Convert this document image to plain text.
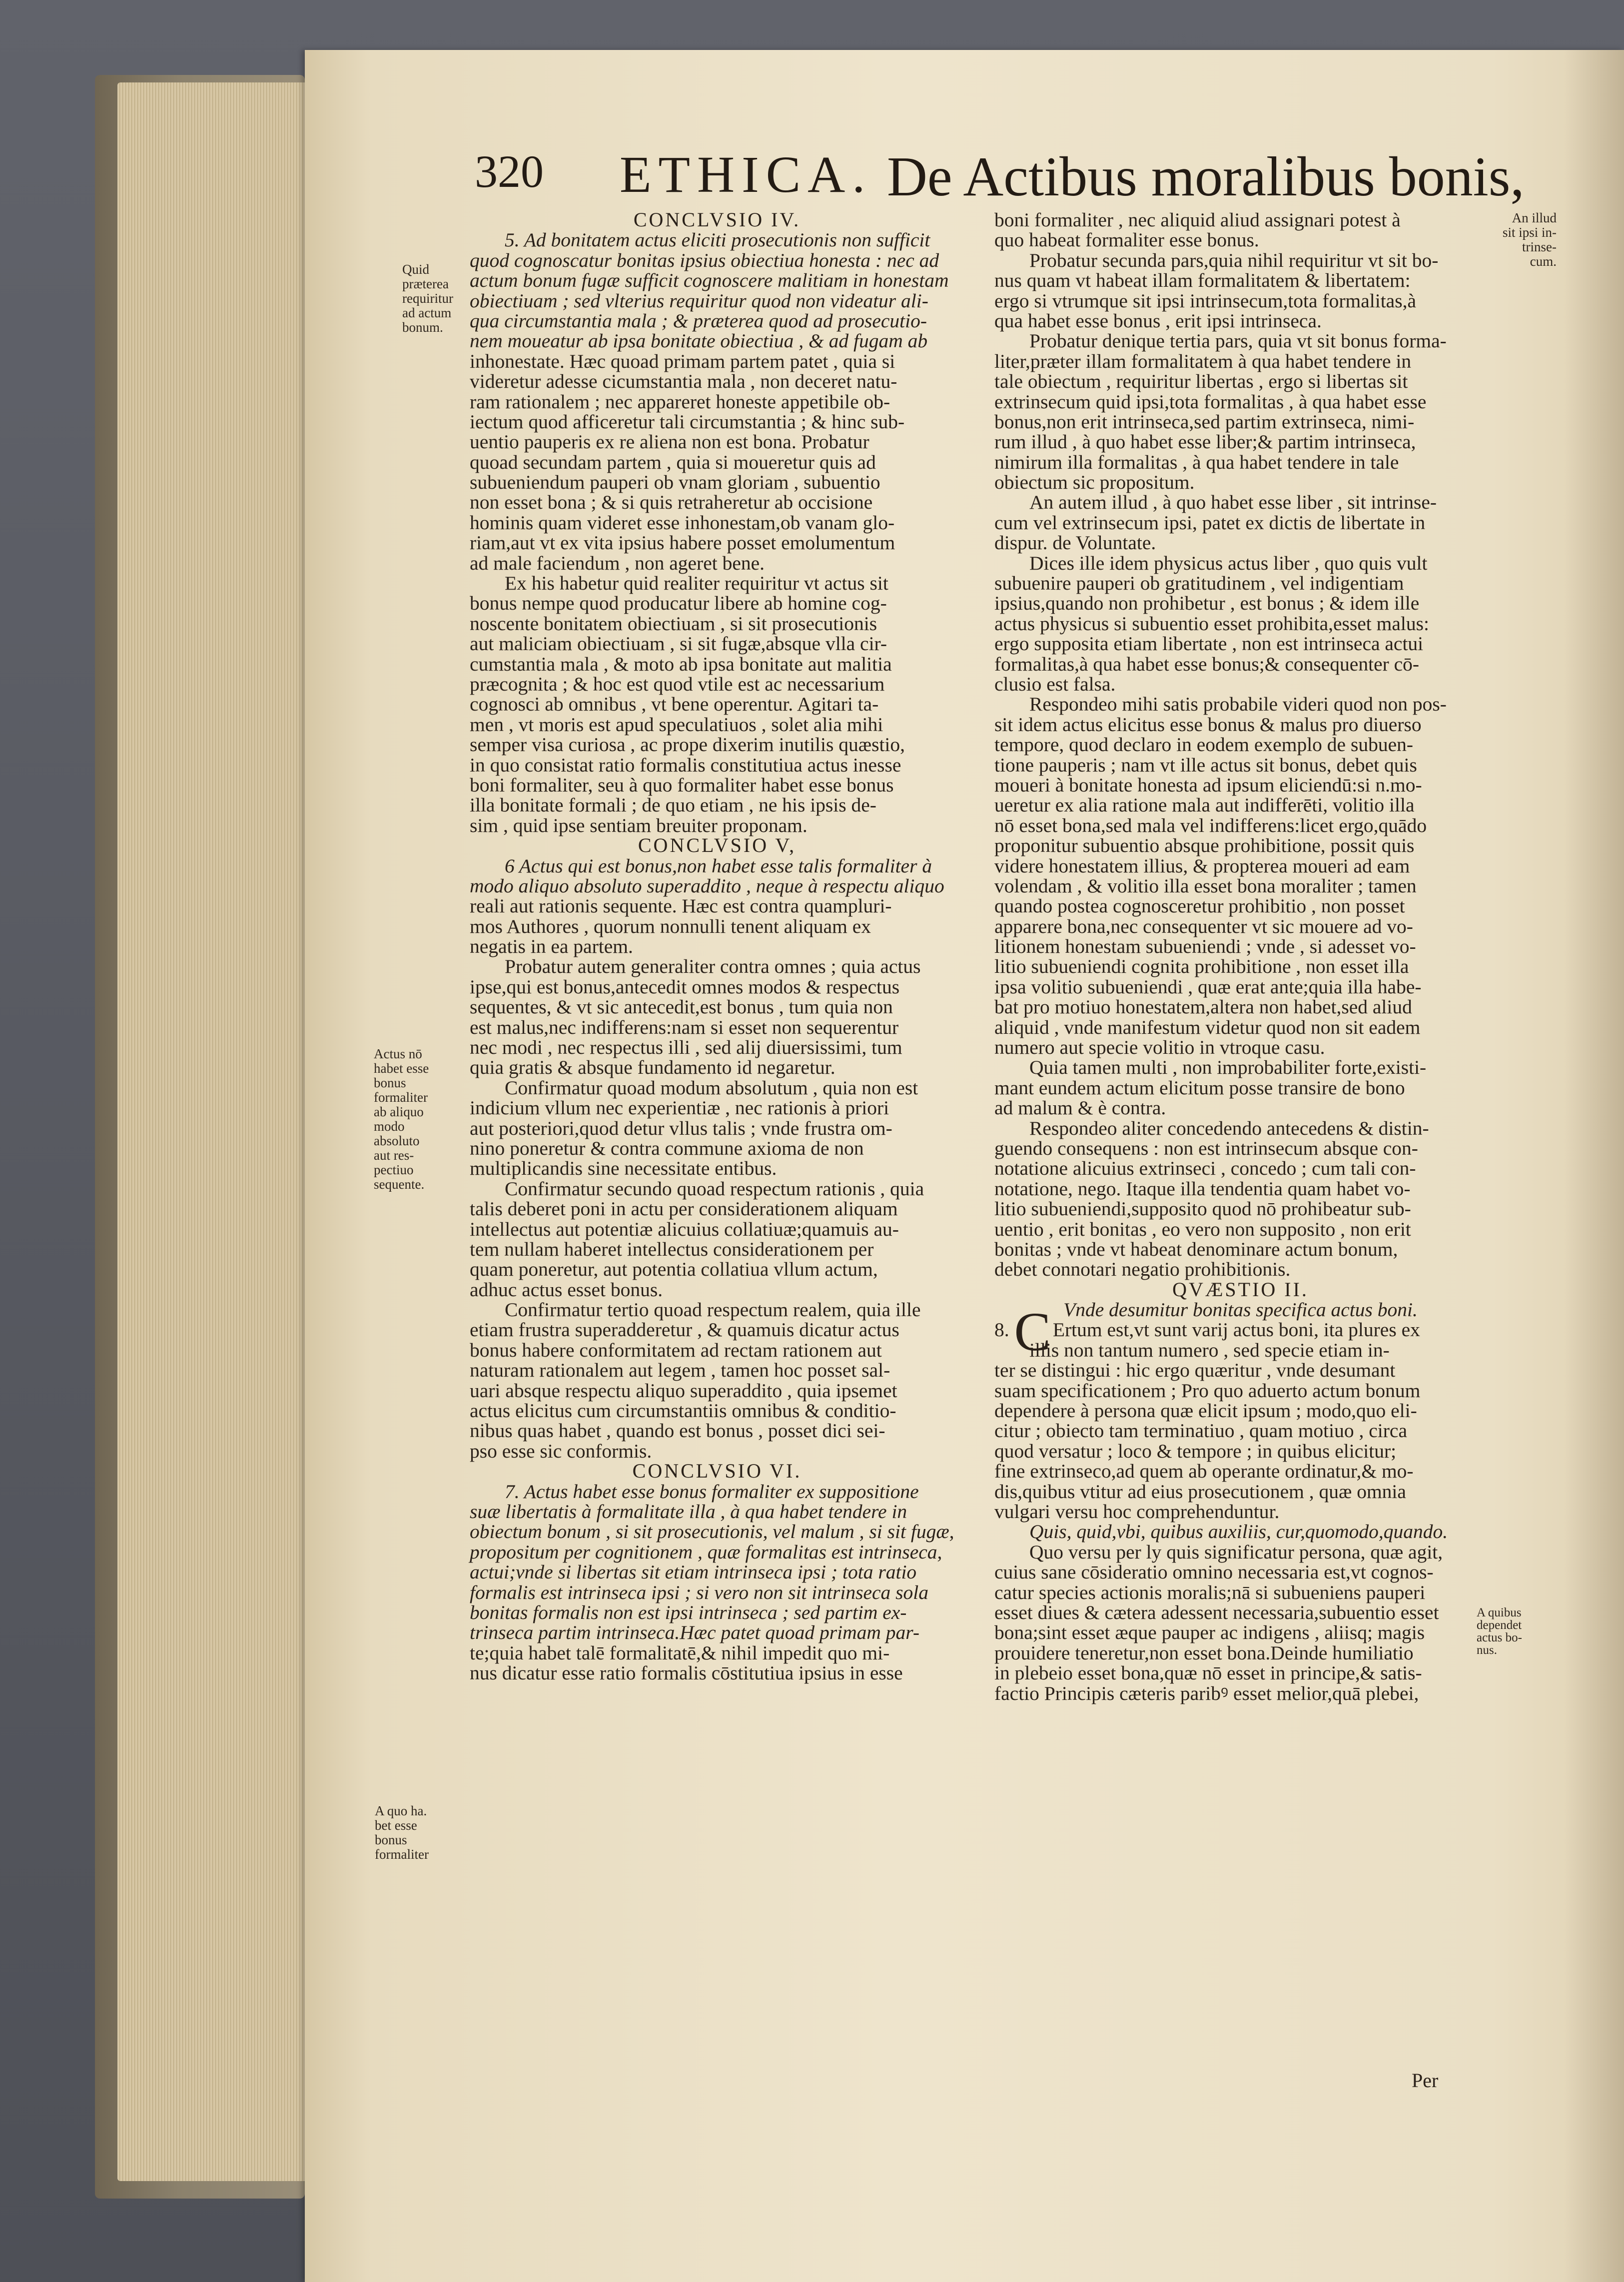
320 ETHICA. De Actibus moralibus bonis,
CONCLVSIO IV.
5. Ad bonitatem actus eliciti prosecutionis non sufficit
quod cognoscatur bonitas ipsius obiectiua honesta : nec ad
actum bonum fugæ sufficit cognoscere malitiam in honestam
obiectiuam ; sed vlterius requiritur quod non videatur ali-
qua circumstantia mala ; & præterea quod ad prosecutio-
nem moueatur ab ipsa bonitate obiectiua , & ad fugam ab
inhonestate. Hæc quoad primam partem patet , quia si
videretur adesse cicumstantia mala , non deceret natu-
ram rationalem ; nec appareret honeste appetibile ob-
iectum quod afficeretur tali circumstantia ; & hinc sub-
uentio pauperis ex re aliena non est bona. Probatur
quoad secundam partem , quia si moueretur quis ad
subueniendum pauperi ob vnam gloriam , subuentio
non esset bona ; & si quis retraheretur ab occisione
hominis quam videret esse inhonestam,ob vanam glo-
riam,aut vt ex vita ipsius habere posset emolumentum
ad male faciendum , non ageret bene.
Ex his habetur quid realiter requiritur vt actus sit
bonus nempe quod producatur libere ab homine cog-
noscente bonitatem obiectiuam , si sit prosecutionis
aut maliciam obiectiuam , si sit fugæ,absque vlla cir-
cumstantia mala , & moto ab ipsa bonitate aut malitia
præcognita ; & hoc est quod vtile est ac necessarium
cognosci ab omnibus , vt bene operentur. Agitari ta-
men , vt moris est apud speculatiuos , solet alia mihi
semper visa curiosa , ac prope dixerim inutilis quæstio,
in quo consistat ratio formalis constitutiua actus inesse
boni formaliter, seu à quo formaliter habet esse bonus
illa bonitate formali ; de quo etiam , ne his ipsis de-
sim , quid ipse sentiam breuiter proponam.
CONCLVSIO V,
6 Actus qui est bonus,non habet esse talis formaliter à
modo aliquo absoluto superaddito , neque à respectu aliquo
reali aut rationis sequente. Hæc est contra quampluri-
mos Authores , quorum nonnulli tenent aliquam ex
negatis in ea partem.
Probatur autem generaliter contra omnes ; quia actus
ipse,qui est bonus,antecedit omnes modos & respectus
sequentes, & vt sic antecedit,est bonus , tum quia non
est malus,nec indifferens:nam si esset non sequerentur
nec modi , nec respectus illi , sed alij diuersissimi, tum
quia gratis & absque fundamento id negaretur.
Confirmatur quoad modum absolutum , quia non est
indicium vllum nec experientiæ , nec rationis à priori
aut posteriori,quod detur vllus talis ; vnde frustra om-
nino poneretur & contra commune axioma de non
multiplicandis sine necessitate entibus.
Confirmatur secundo quoad respectum rationis , quia
talis deberet poni in actu per considerationem aliquam
intellectus aut potentiæ alicuius collatiuæ;quamuis au-
tem nullam haberet intellectus considerationem per
quam poneretur, aut potentia collatiua vllum actum,
adhuc actus esset bonus.
Confirmatur tertio quoad respectum realem, quia ille
etiam frustra superadderetur , & quamuis dicatur actus
bonus habere conformitatem ad rectam rationem aut
naturam rationalem aut legem , tamen hoc posset sal-
uari absque respectu aliquo superaddito , quia ipsemet
actus elicitus cum circumstantiis omnibus & conditio-
nibus quas habet , quando est bonus , posset dici sei-
pso esse sic conformis.
CONCLVSIO VI.
7. Actus habet esse bonus formaliter ex suppositione
suæ libertatis à formalitate illa , à qua habet tendere in
obiectum bonum , si sit prosecutionis, vel malum , si sit fugæ,
propositum per cognitionem , quæ formalitas est intrinseca,
actui;vnde si libertas sit etiam intrinseca ipsi ; tota ratio
formalis est intrinseca ipsi ; si vero non sit intrinseca sola
bonitas formalis non est ipsi intrinseca ; sed partim ex-
trinseca partim intrinseca.Hæc patet quoad primam par-
te;quia habet talē formalitatē,& nihil impedit quo mi-
nus dicatur esse ratio formalis cōstitutiua ipsius in esse
boni formaliter , nec aliquid aliud assignari potest à
quo habeat formaliter esse bonus.
Probatur secunda pars,quia nihil requiritur vt sit bo-
nus quam vt habeat illam formalitatem & libertatem:
ergo si vtrumque sit ipsi intrinsecum,tota formalitas,à
qua habet esse bonus , erit ipsi intrinseca.
Probatur denique tertia pars, quia vt sit bonus forma-
liter,præter illam formalitatem à qua habet tendere in
tale obiectum , requiritur libertas , ergo si libertas sit
extrinsecum quid ipsi,tota formalitas , à qua habet esse
bonus,non erit intrinseca,sed partim extrinseca, nimi-
rum illud , à quo habet esse liber;& partim intrinseca,
nimirum illa formalitas , à qua habet tendere in tale
obiectum sic propositum.
An autem illud , à quo habet esse liber , sit intrinse-
cum vel extrinsecum ipsi, patet ex dictis de libertate in
dispur. de Voluntate.
Dices ille idem physicus actus liber , quo quis vult
subuenire pauperi ob gratitudinem , vel indigentiam
ipsius,quando non prohibetur , est bonus ; & idem ille
actus physicus si subuentio esset prohibita,esset malus:
ergo supposita etiam libertate , non est intrinseca actui
formalitas,à qua habet esse bonus;& consequenter cō-
clusio est falsa.
Respondeo mihi satis probabile videri quod non pos-
sit idem actus elicitus esse bonus & malus pro diuerso
tempore, quod declaro in eodem exemplo de subuen-
tione pauperis ; nam vt ille actus sit bonus, debet quis
moueri à bonitate honesta ad ipsum eliciendū:si n.mo-
ueretur ex alia ratione mala aut indifferēti, volitio illa
nō esset bona,sed mala vel indifferens:licet ergo,quādo
proponitur subuentio absque prohibitione, possit quis
videre honestatem illius, & propterea moueri ad eam
volendam , & volitio illa esset bona moraliter ; tamen
quando postea cognosceretur prohibitio , non posset
apparere bona,nec consequenter vt sic mouere ad vo-
litionem honestam subueniendi ; vnde , si adesset vo-
litio subueniendi cognita prohibitione , non esset illa
ipsa volitio subueniendi , quæ erat ante;quia illa habe-
bat pro motiuo honestatem,altera non habet,sed aliud
aliquid , vnde manifestum videtur quod non sit eadem
numero aut specie volitio in vtroque casu.
Quia tamen multi , non improbabiliter forte,existi-
mant eundem actum elicitum posse transire de bono
ad malum & è contra.
Respondeo aliter concedendo antecedens & distin-
guendo consequens : non est intrinsecum absque con-
notatione alicuius extrinseci , concedo ; cum tali con-
notatione, nego. Itaque illa tendentia quam habet vo-
litio subueniendi,supposito quod nō prohibeatur sub-
uentio , erit bonitas , eo vero non supposito , non erit
bonitas ; vnde vt habeat denominare actum bonum,
debet connotari negatio prohibitionis.
QVÆSTIO II.
Vnde desumitur bonitas specifica actus boni.
8. C Ertum est,vt sunt varij actus boni, ita plures ex
illis non tantum numero , sed specie etiam in-
ter se distingui : hic ergo quæritur , vnde desumant
suam specificationem ; Pro quo aduerto actum bonum
dependere à persona quæ elicit ipsum ; modo,quo eli-
citur ; obiecto tam terminatiuo , quam motiuo , circa
quod versatur ; loco & tempore ; in quibus elicitur;
fine extrinseco,ad quem ab operante ordinatur,& mo-
dis,quibus vtitur ad eius prosecutionem , quæ omnia
vulgari versu hoc comprehenduntur.
Quis, quid,vbi, quibus auxiliis, cur,quomodo,quando.
Quo versu per ly quis significatur persona, quæ agit,
cuius sane cōsideratio omnino necessaria est,vt cognos-
catur species actionis moralis;nā si subueniens pauperi
esset diues & cætera adessent necessaria,subuentio esset
bona;sint esset æque pauper ac indigens , aliisq; magis
prouidere teneretur,non esset bona.Deinde humiliatio
in plebeio esset bona,quæ nō esset in principe,& satis-
factio Principis cæteris paribꝰ esset melior,quā plebei,
Quid
præterea
requiritur
ad actum
bonum.
Actus nō
habet esse
bonus
formaliter
ab aliquo
modo
absoluto
aut res-
pectiuo
sequente.
A quo ha.
bet esse
bonus
formaliter
An illud
sit ipsi in-
trinse-
cum.
A quibus
dependet
actus bo-
nus.
Per
